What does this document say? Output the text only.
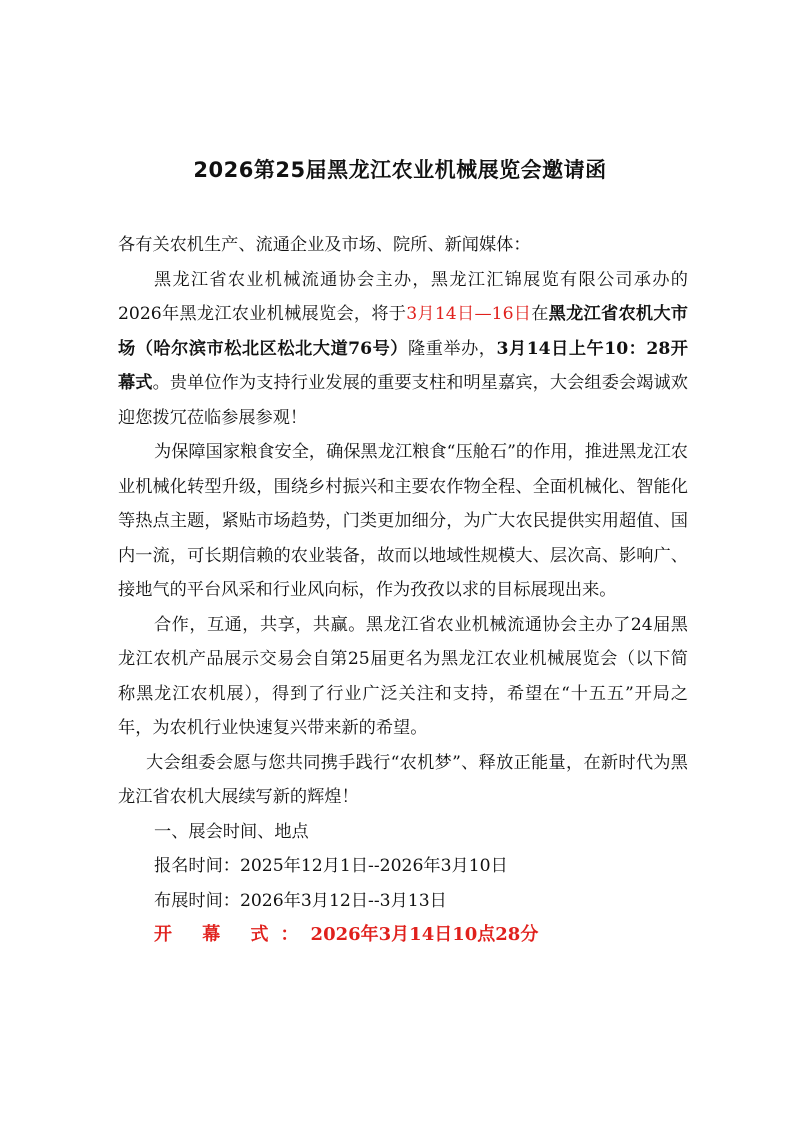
2026第25届黑龙江农业机械展览会邀请函

各有关农机生产、流通企业及市场、院所、新闻媒体：

黑龙江省农业机械流通协会主办，黑龙江汇锦展览有限公司承办的2026年黑龙江农业机械展览会，将于3月14日—16日在黑龙江省农机大市场（哈尔滨市松北区松北大道76号）隆重举办，3月14日上午10：28开幕式。贵单位作为支持行业发展的重要支柱和明星嘉宾，大会组委会竭诚欢迎您拨冗莅临参展参观！

为保障国家粮食安全，确保黑龙江粮食“压舱石”的作用，推进黑龙江农业机械化转型升级，围绕乡村振兴和主要农作物全程、全面机械化、智能化等热点主题，紧贴市场趋势，门类更加细分，为广大农民提供实用超值、国内一流，可长期信赖的农业装备，故而以地域性规模大、层次高、影响广、接地气的平台风采和行业风向标，作为孜孜以求的目标展现出来。

合作，互通，共享，共赢。黑龙江省农业机械流通协会主办了24届黑龙江农机产品展示交易会自第25届更名为黑龙江农业机械展览会（以下简称黑龙江农机展），得到了行业广泛关注和支持，希望在“十五五”开局之年，为农机行业快速复兴带来新的希望。

大会组委会愿与您共同携手践行“农机梦”、释放正能量，在新时代为黑龙江省农机大展续写新的辉煌！

一、展会时间、地点

报名时间：2025年12月1日--2026年3月10日

布展时间：2026年3月12日--3月13日

开 幕 式：2026年3月14日10点28分
